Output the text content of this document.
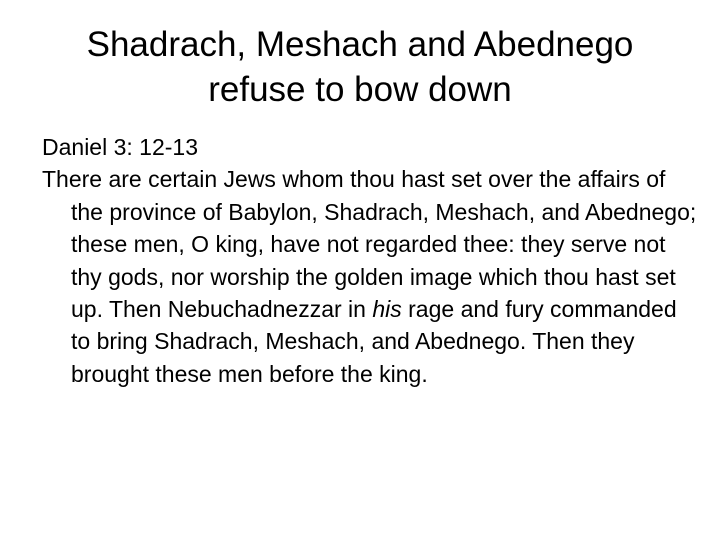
Shadrach, Meshach and Abednego
refuse to bow down

Daniel 3: 12-13

There are certain Jews whom thou hast set over the affairs of the province of Babylon, Shadrach, Meshach, and Abednego; these men, O king, have not regarded thee: they serve not thy gods, nor worship the golden image which thou hast set up. Then Nebuchadnezzar in his rage and fury commanded to bring Shadrach, Meshach, and Abednego. Then they brought these men before the king.
